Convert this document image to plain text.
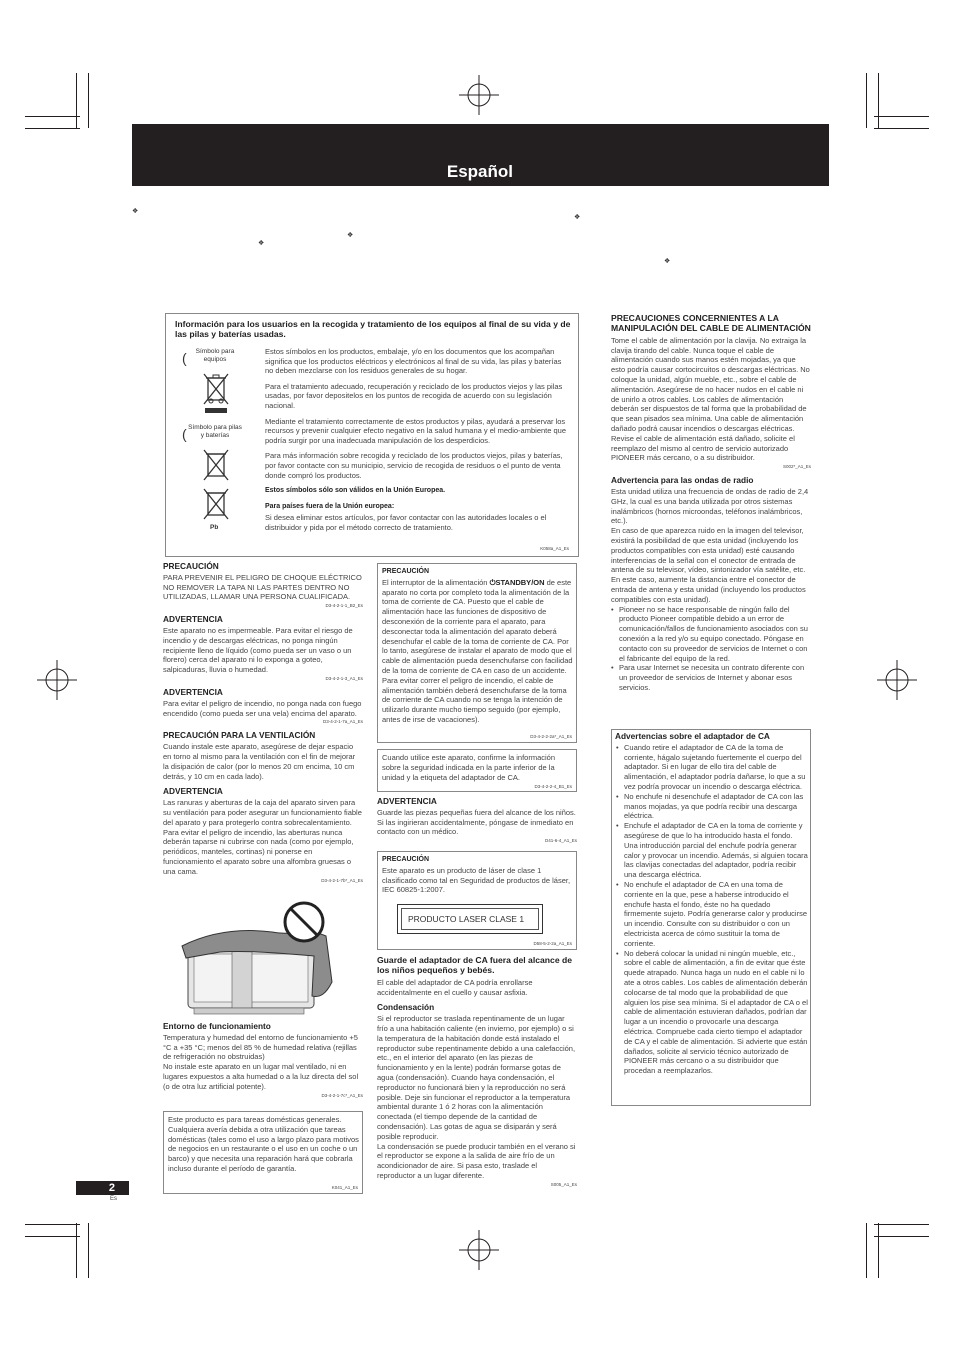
Español
❖
❖
❖
❖
❖
Información para los usuarios en la recogida y tratamiento de los equipos al final de su vida y de las pilas y baterías usadas.
( Símbolo para equipos
( Símbolo para pilas y baterías
Pb

Estos símbolos en los productos, embalaje, y/o en los documentos que los acompañan significa que los productos eléctricos y electrónicos al final de su vida, las pilas y baterías no deben mezclarse con los residuos generales de su hogar.

Para el tratamiento adecuado, recuperación y reciclado de los productos viejos y las pilas usadas, por favor depositelos en los puntos de recogida de acuerdo con su legislación nacional.

Mediante el tratamiento correctamente de estos productos y pilas, ayudará a preservar los recursos y prevenir cualquier efecto negativo en la salud humana y el medio-ambiente que podría surgir por una inadecuada manipulación de los desperdicios.

Para más información sobre recogida y reciclado de los productos viejos, pilas y baterías, por favor contacte con su municipio, servicio de recogida de residuos o el punto de venta donde compró los productos.

Estos símbolos sólo son válidos en la Unión Europea.

Para países fuera de la Unión europea:

Si desea eliminar estos artículos, por favor contactar con las autoridades locales o el distribuidor y pida por el método correcto de tratamiento.

K058a_A1_Es
PRECAUCIÓN

PARA PREVENIR EL PELIGRO DE CHOQUE ELÉCTRICO NO REMOVER LA TAPA NI LAS PARTES DENTRO NO UTILIZADAS, LLAMAR UNA PERSONA CUALIFICADA.

D3-4-2-1-1_B2_Es
ADVERTENCIA

Este aparato no es impermeable. Para evitar el riesgo de incendio y de descargas eléctricas, no ponga ningún recipiente lleno de líquido (como pueda ser un vaso o un florero) cerca del aparato ni lo exponga a goteo, salpicaduras, lluvia o humedad.

D3-4-2-1-3_A1_Es
ADVERTENCIA

Para evitar el peligro de incendio, no ponga nada con fuego encendido (como pueda ser una vela) encima del aparato.

D3-4-2-1-7a_A1_Es
PRECAUCIÓN PARA LA VENTILACIÓN

Cuando instale este aparato, asegúrese de dejar espacio en torno al mismo para la ventilación con el fin de mejorar la disipación de calor (por lo menos 20 cm encima, 10 cm detrás, y 10 cm en cada lado).

ADVERTENCIA

Las ranuras y aberturas de la caja del aparato sirven para su ventilación para poder asegurar un funcionamiento fiable del aparato y para protegerlo contra sobrecalentamiento. Para evitar el peligro de incendio, las aberturas nunca deberán taparse ni cubrirse con nada (como por ejemplo, periódicos, manteles, cortinas) ni ponerse en funcionamiento el aparato sobre una alfombra gruesas o una cama.

D3-4-2-1-7b*_A1_Es
Entorno de funcionamiento

Temperatura y humedad del entorno de funcionamiento +5 °C a +35 °C; menos del 85 % de humedad relativa (rejillas de refrigeración no obstruidas)

No instale este aparato en un lugar mal ventilado, ni en lugares expuestos a alta humedad o a la luz directa del sol (o de otra luz artificial potente).

D3-4-2-1-7c*_A1_Es

Este producto es para tareas domésticas generales. Cualquiera avería debida a otra utilización que tareas domésticas (tales como el uso a largo plazo para motivos de negocios en un restaurante o el uso en un coche o un barco) y que necesita una reparación hará que cobrarla incluso durante el período de garantía.

K041_A1_Es
PRECAUCIÓN

El interruptor de la alimentación ⏻STANDBY/ON de este aparato no corta por completo toda la alimentación de la toma de corriente de CA. Puesto que el cable de alimentación hace las funciones de dispositivo de desconexión de la corriente para el aparato, para desconectar toda la alimentación del aparato deberá desenchufar el cable de la toma de corriente de CA. Por lo tanto, asegúrese de instalar el aparato de modo que el cable de alimentación pueda desenchufarse con facilidad de la toma de corriente de CA en caso de un accidente. Para evitar correr el peligro de incendio, el cable de alimentación también deberá desenchufarse de la toma de corriente de CA cuando no se tenga la intención de utilizarlo durante mucho tiempo seguido (por ejemplo, antes de irse de vacaciones).

D3-4-2-2-2a*_A1_Es

Cuando utilice este aparato, confirme la información sobre la seguridad indicada en la parte inferior de la unidad y la etiqueta del adaptador de CA.

D3-4-2-2-4_B1_Es
ADVERTENCIA

Guarde las piezas pequeñas fuera del alcance de los niños. Si las ingirieran accidentalmente, póngase de inmediato en contacto con un médico.

D41-6-4_A1_Es
PRECAUCIÓN

Este aparato es un producto de láser de clase 1 clasificado como tal en Seguridad de productos de láser, IEC 60825-1:2007.

PRODUCTO LASER CLASE 1
D58-5-2-2a_A1_Es
Guarde el adaptador de CA fuera del alcance de los niños pequeños y bebés.

El cable del adaptador de CA podría enrollarse accidentalmente en el cuello y causar asfixia.

Condensación

Si el reproductor se traslada repentinamente de un lugar frío a una habitación caliente (en invierno, por ejemplo) o si la temperatura de la habitación donde está instalado el reproductor sube repentinamente debido a una calefacción, etc., en el interior del aparato (en las piezas de funcionamiento y en la lente) podrán formarse gotas de agua (condensación). Cuando haya condensación, el reproductor no funcionará bien y la reproducción no será posible. Deje sin funcionar el reproductor a la temperatura ambiental durante 1 ó 2 horas con la alimentación conectada (el tiempo depende de la cantidad de condensación). Las gotas de agua se disiparán y será posible reproducir.

La condensación se puede producir también en el verano si el reproductor se expone a la salida de aire frío de un acondicionador de aire. Si pasa esto, traslade el reproductor a un lugar diferente.

S005_A1_Es
PRECAUCIONES CONCERNIENTES A LA MANIPULACIÓN DEL CABLE DE ALIMENTACIÓN

Tome el cable de alimentación por la clavija. No extraiga la clavija tirando del cable. Nunca toque el cable de alimentación cuando sus manos estén mojadas, ya que esto podría causar cortocircuitos o descargas eléctricas. No coloque la unidad, algún mueble, etc., sobre el cable de alimentación. Asegúrese de no hacer nudos en el cable ni de unirlo a otros cables. Los cables de alimentación deberán ser dispuestos de tal forma que la probabilidad de que sean pisados sea mínima. Una cable de alimentación dañado podrá causar incendios o descargas eléctricas. Revise el cable de alimentación está dañado, solicite el reemplazo del mismo al centro de servicio autorizado PIONEER más cercano, o a su distribuidor.

S002*_A1_Es
Advertencia para las ondas de radio

Esta unidad utiliza una frecuencia de ondas de radio de 2,4 GHz, la cual es una banda utilizada por otros sistemas inalámbricos (hornos microondas, teléfonos inalámbricos, etc.).

En caso de que aparezca ruido en la imagen del televisor, existirá la posibilidad de que esta unidad (incluyendo los productos compatibles con esta unidad) esté causando interferencias de la señal con el conector de entrada de antena de su televisor, vídeo, sintonizador vía satélite, etc.

En este caso, aumente la distancia entre el conector de entrada de antena y esta unidad (incluyendo los productos compatibles con esta unidad).

• Pioneer no se hace responsable de ningún fallo del producto Pioneer compatible debido a un error de comunicación/fallos de funcionamiento asociados con su conexión a la red y/o su equipo conectado. Póngase en contacto con su proveedor de servicios de Internet o con el fabricante del equipo de la red.
• Para usar Internet se necesita un contrato diferente con un proveedor de servicios de Internet y abonar esos servicios.
Advertencias sobre el adaptador de CA
• Cuando retire el adaptador de CA de la toma de corriente, hágalo sujetando fuertemente el cuerpo del adaptador. Si en lugar de ello tira del cable de alimentación, el adaptador podría dañarse, lo que a su vez podría provocar un incendio o descarga eléctrica.
• No enchufe ni desenchufe el adaptador de CA con las manos mojadas, ya que podría recibir una descarga eléctrica.
• Enchufe el adaptador de CA en la toma de corriente y asegúrese de que lo ha introducido hasta el fondo. Una introducción parcial del enchufe podría generar calor y provocar un incendio. Además, si alguien tocara las clavijas conectadas del adaptador, podría recibir una descarga eléctrica.
• No enchufe el adaptador de CA en una toma de corriente en la que, pese a haberse introducido el enchufe hasta el fondo, éste no ha quedado firmemente sujeto. Podría generarse calor y producirse un incendio. Consulte con su distribuidor o con un electricista acerca de cómo sustituir la toma de corriente.
• No deberá colocar la unidad ni ningún mueble, etc., sobre el cable de alimentación, a fin de evitar que éste quede atrapado. Nunca haga un nudo en el cable ni lo ate a otros cables. Los cables de alimentación deberán colocarse de tal modo que la probabilidad de que alguien los pise sea mínima. Si el adaptador de CA o el cable de alimentación estuvieran dañados, podrían dar lugar a un incendio o provocarle una descarga eléctrica. Compruebe cada cierto tiempo el adaptador de CA y el cable de alimentación. Si advierte que están dañados, solicite al servicio técnico autorizado de PIONEER más cercano o a su distribuidor que procedan a reemplazarlos.
2
Es
